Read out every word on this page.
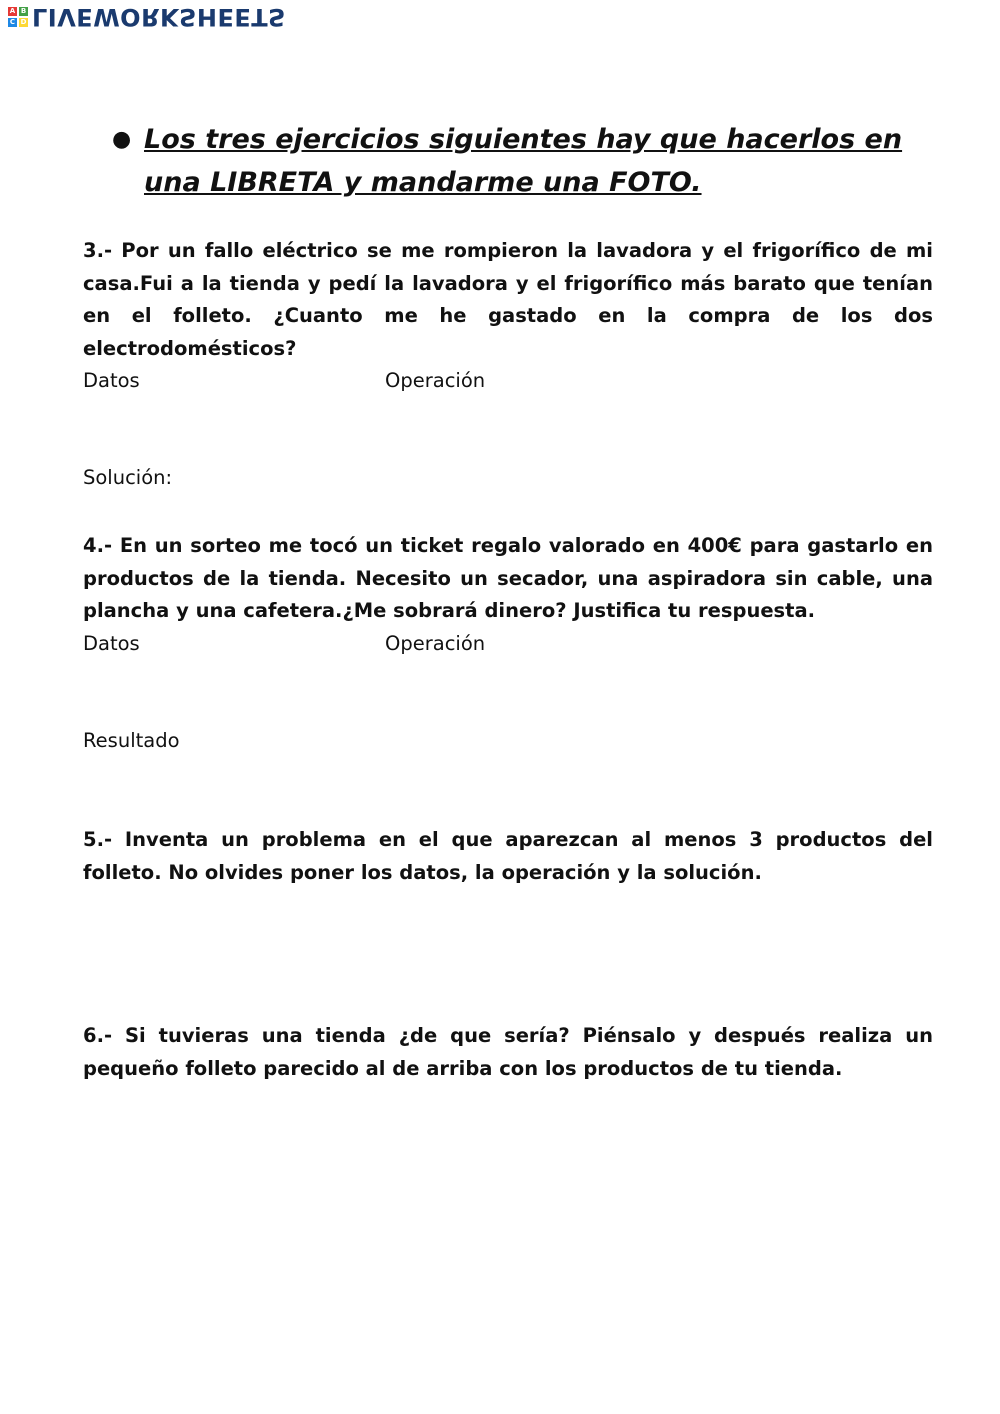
A B
C D LIVEWORKSHEETS
● Los tres ejercicios siguientes hay que hacerlos en una LIBRETA y mandarme una FOTO.

3.- Por un fallo eléctrico se me rompieron la lavadora y el frigorífico de mi casa.Fui a la tienda y pedí la lavadora y el frigorífico más barato que tenían en el folleto. ¿Cuanto me he gastado en la compra de los dos electrodomésticos?

Datos	Operación
Solución:

4.- En un sorteo me tocó un ticket regalo valorado en 400€ para gastarlo en productos de la tienda. Necesito un secador, una aspiradora sin cable, una plancha y una cafetera.¿Me sobrará dinero? Justifica tu respuesta.

Datos	Operación
Resultado

5.- Inventa un problema en el que aparezcan al menos 3 productos del folleto. No olvides poner los datos, la operación y la solución.

6.- Si tuvieras una tienda ¿de que sería? Piénsalo y después realiza un pequeño folleto parecido al de arriba con los productos de tu tienda.
